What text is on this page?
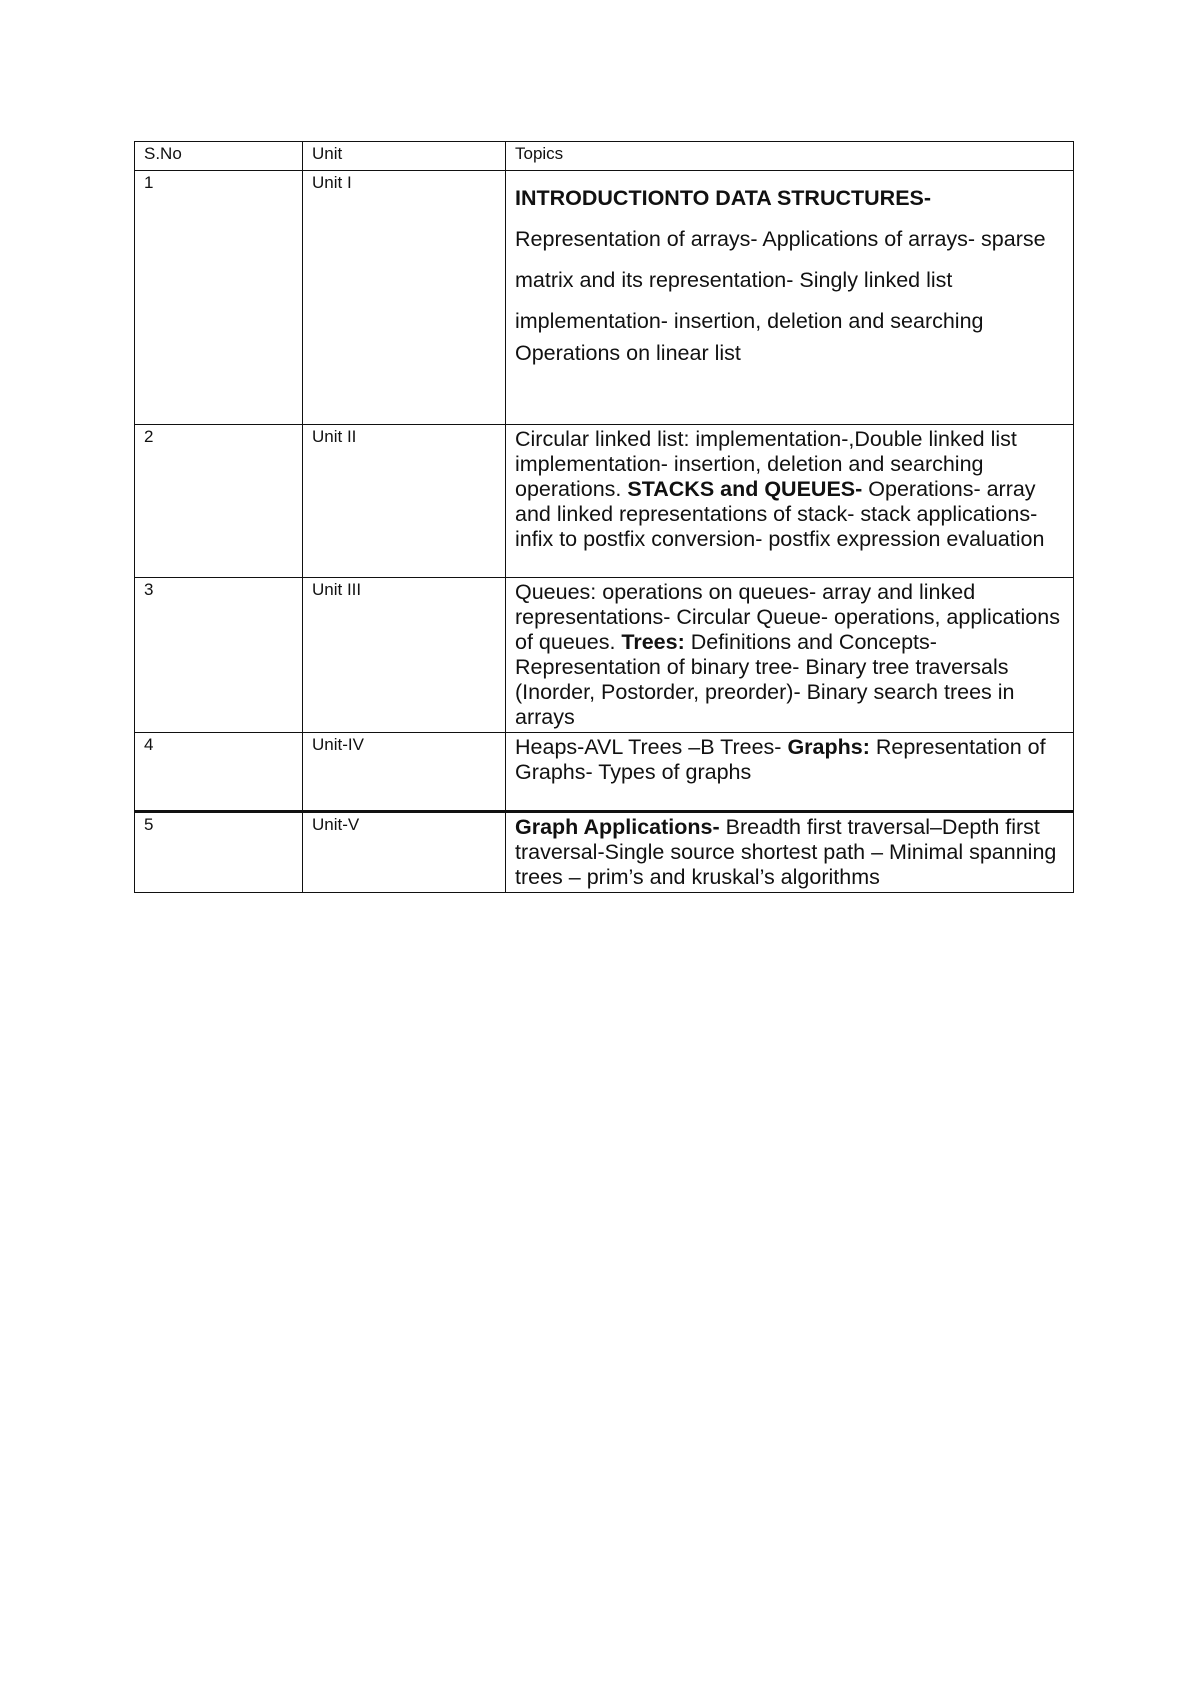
S.No	Unit	Topics
1	Unit I	INTRODUCTIONTO DATA STRUCTURES- Representation of arrays- Applications of arrays- sparse matrix and its representation- Singly linked list implementation- insertion, deletion and searching
Operations on linear list

2	Unit II	Circular linked list: implementation-,Double linked list implementation- insertion, deletion and searching operations. STACKS and QUEUES- Operations- array and linked representations of stack- stack applications- infix to postfix conversion- postfix expression evaluation
3	Unit III	Queues: operations on queues- array and linked representations- Circular Queue- operations, applications of queues. Trees: Definitions and Concepts- Representation of binary tree- Binary tree traversals (Inorder, Postorder, preorder)- Binary search trees in arrays
4	Unit-IV	Heaps-AVL Trees –B Trees- Graphs: Representation of Graphs- Types of graphs
5	Unit-V	Graph Applications- Breadth first traversal–Depth first traversal-Single source shortest path – Minimal spanning trees – prim’s and kruskal’s algorithms
